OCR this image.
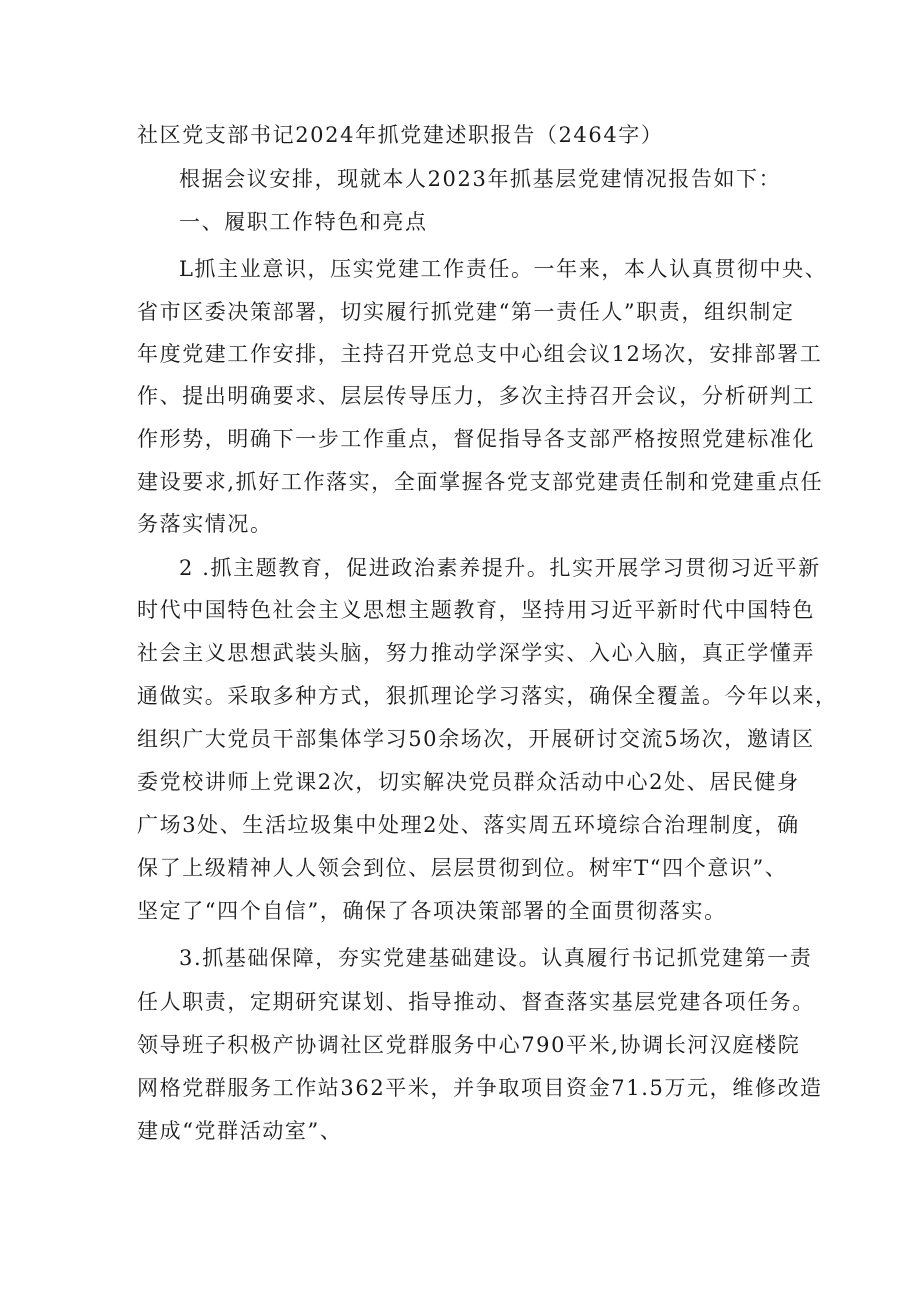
社区党支部书记2024年抓党建述职报告（2464字）
根据会议安排，现就本人2023年抓基层党建情况报告如下：
一、履职工作特色和亮点
L抓主业意识，压实党建工作责任。一年来，本人认真贯彻中央、
省市区委决策部署，切实履行抓党建“第一责任人”职责，组织制定
年度党建工作安排，主持召开党总支中心组会议12场次，安排部署工
作、提出明确要求、层层传导压力，多次主持召开会议，分析研判工
作形势，明确下一步工作重点，督促指导各支部严格按照党建标准化
建设要求,抓好工作落实，全面掌握各党支部党建责任制和党建重点任
务落实情况。
2 .抓主题教育，促进政治素养提升。扎实开展学习贯彻习近平新
时代中国特色社会主义思想主题教育，坚持用习近平新时代中国特色
社会主义思想武装头脑，努力推动学深学实、入心入脑，真正学懂弄
通做实。采取多种方式，狠抓理论学习落实，确保全覆盖。今年以来，
组织广大党员干部集体学习50余场次，开展研讨交流5场次，邀请区
委党校讲师上党课2次，切实解决党员群众活动中心2处、居民健身
广场3处、生活垃圾集中处理2处、落实周五环境综合治理制度，确
保了上级精神人人领会到位、层层贯彻到位。树牢T“四个意识”、
坚定了“四个自信”，确保了各项决策部署的全面贯彻落实。
3.抓基础保障，夯实党建基础建设。认真履行书记抓党建第一责
任人职责，定期研究谋划、指导推动、督查落实基层党建各项任务。
领导班子积极产协调社区党群服务中心790平米,协调长河汉庭楼院
网格党群服务工作站362平米，并争取项目资金71.5万元，维修改造
建成“党群活动室”、
